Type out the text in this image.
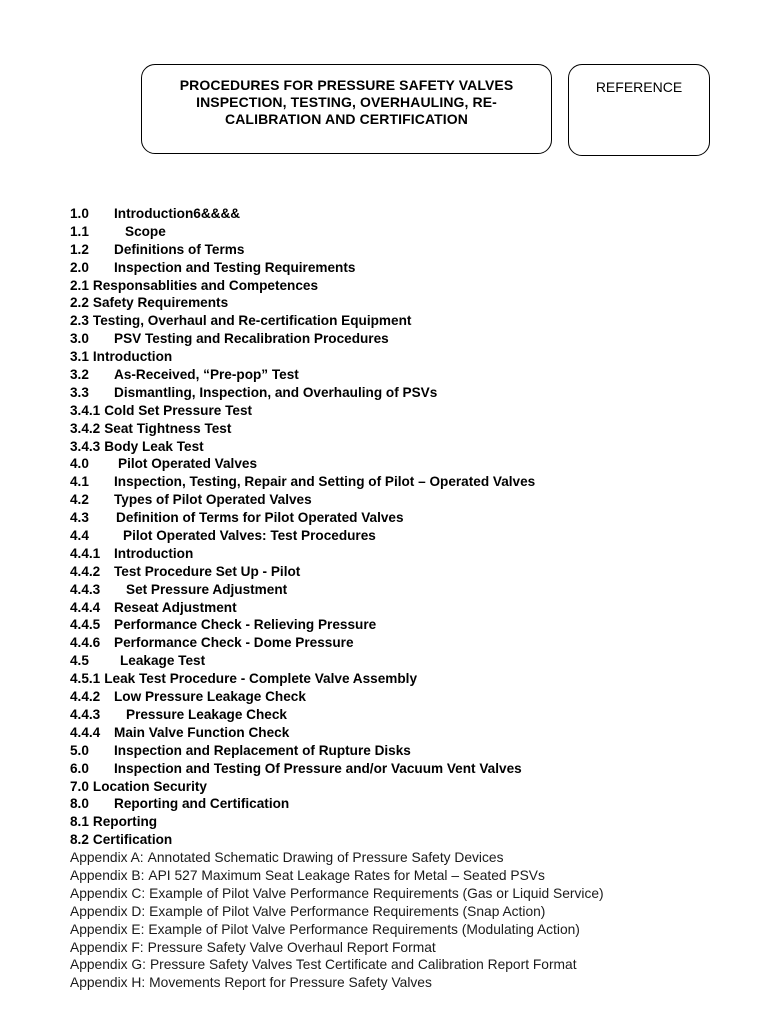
PROCEDURES FOR PRESSURE SAFETY VALVES
INSPECTION, TESTING, OVERHAULING, RE-
CALIBRATION AND CERTIFICATION
REFERENCE
1.0 Introduction6&&&&
1.1	Scope
1.2 Definitions of Terms
2.0 Inspection and Testing Requirements
2.1 Responsablities and Competences
2.2 Safety Requirements
2.3 Testing, Overhaul and Re-certification Equipment
3.0 PSV Testing and Recalibration Procedures
3.1 Introduction
3.2 As-Received, “Pre-pop” Test
3.3 Dismantling, Inspection, and Overhauling of PSVs
3.4.1 Cold Set Pressure Test
3.4.2 Seat Tightness Test
3.4.3 Body Leak Test
4.0 Pilot Operated Valves
4.1 Inspection, Testing, Repair and Setting of Pilot – Operated Valves
4.2 Types of Pilot Operated Valves
4.3 Definition of Terms for Pilot Operated Valves
4.4	Pilot Operated Valves: Test Procedures
4.4.1 Introduction
4.4.2 Test Procedure Set Up - Pilot
4.4.3 Set Pressure Adjustment
4.4.4 Reseat Adjustment
4.4.5 Performance Check - Relieving Pressure
4.4.6 Performance Check - Dome Pressure
4.5 Leakage Test
4.5.1 Leak Test Procedure - Complete Valve Assembly
4.4.2 Low Pressure Leakage Check
4.4.3 Pressure Leakage Check
4.4.4 Main Valve Function Check
5.0 Inspection and Replacement of Rupture Disks
6.0 Inspection and Testing Of Pressure and/or Vacuum Vent Valves
7.0 Location Security
8.0 Reporting and Certification
8.1 Reporting
8.2 Certification
Appendix A: Annotated Schematic Drawing of Pressure Safety Devices
Appendix B: API 527 Maximum Seat Leakage Rates for Metal – Seated PSVs
Appendix C: Example of Pilot Valve Performance Requirements (Gas or Liquid Service)
Appendix D: Example of Pilot Valve Performance Requirements (Snap Action)
Appendix E: Example of Pilot Valve Performance Requirements (Modulating Action)
Appendix F: Pressure Safety Valve Overhaul Report Format
Appendix G: Pressure Safety Valves Test Certificate and Calibration Report Format
Appendix H: Movements Report for Pressure Safety Valves
